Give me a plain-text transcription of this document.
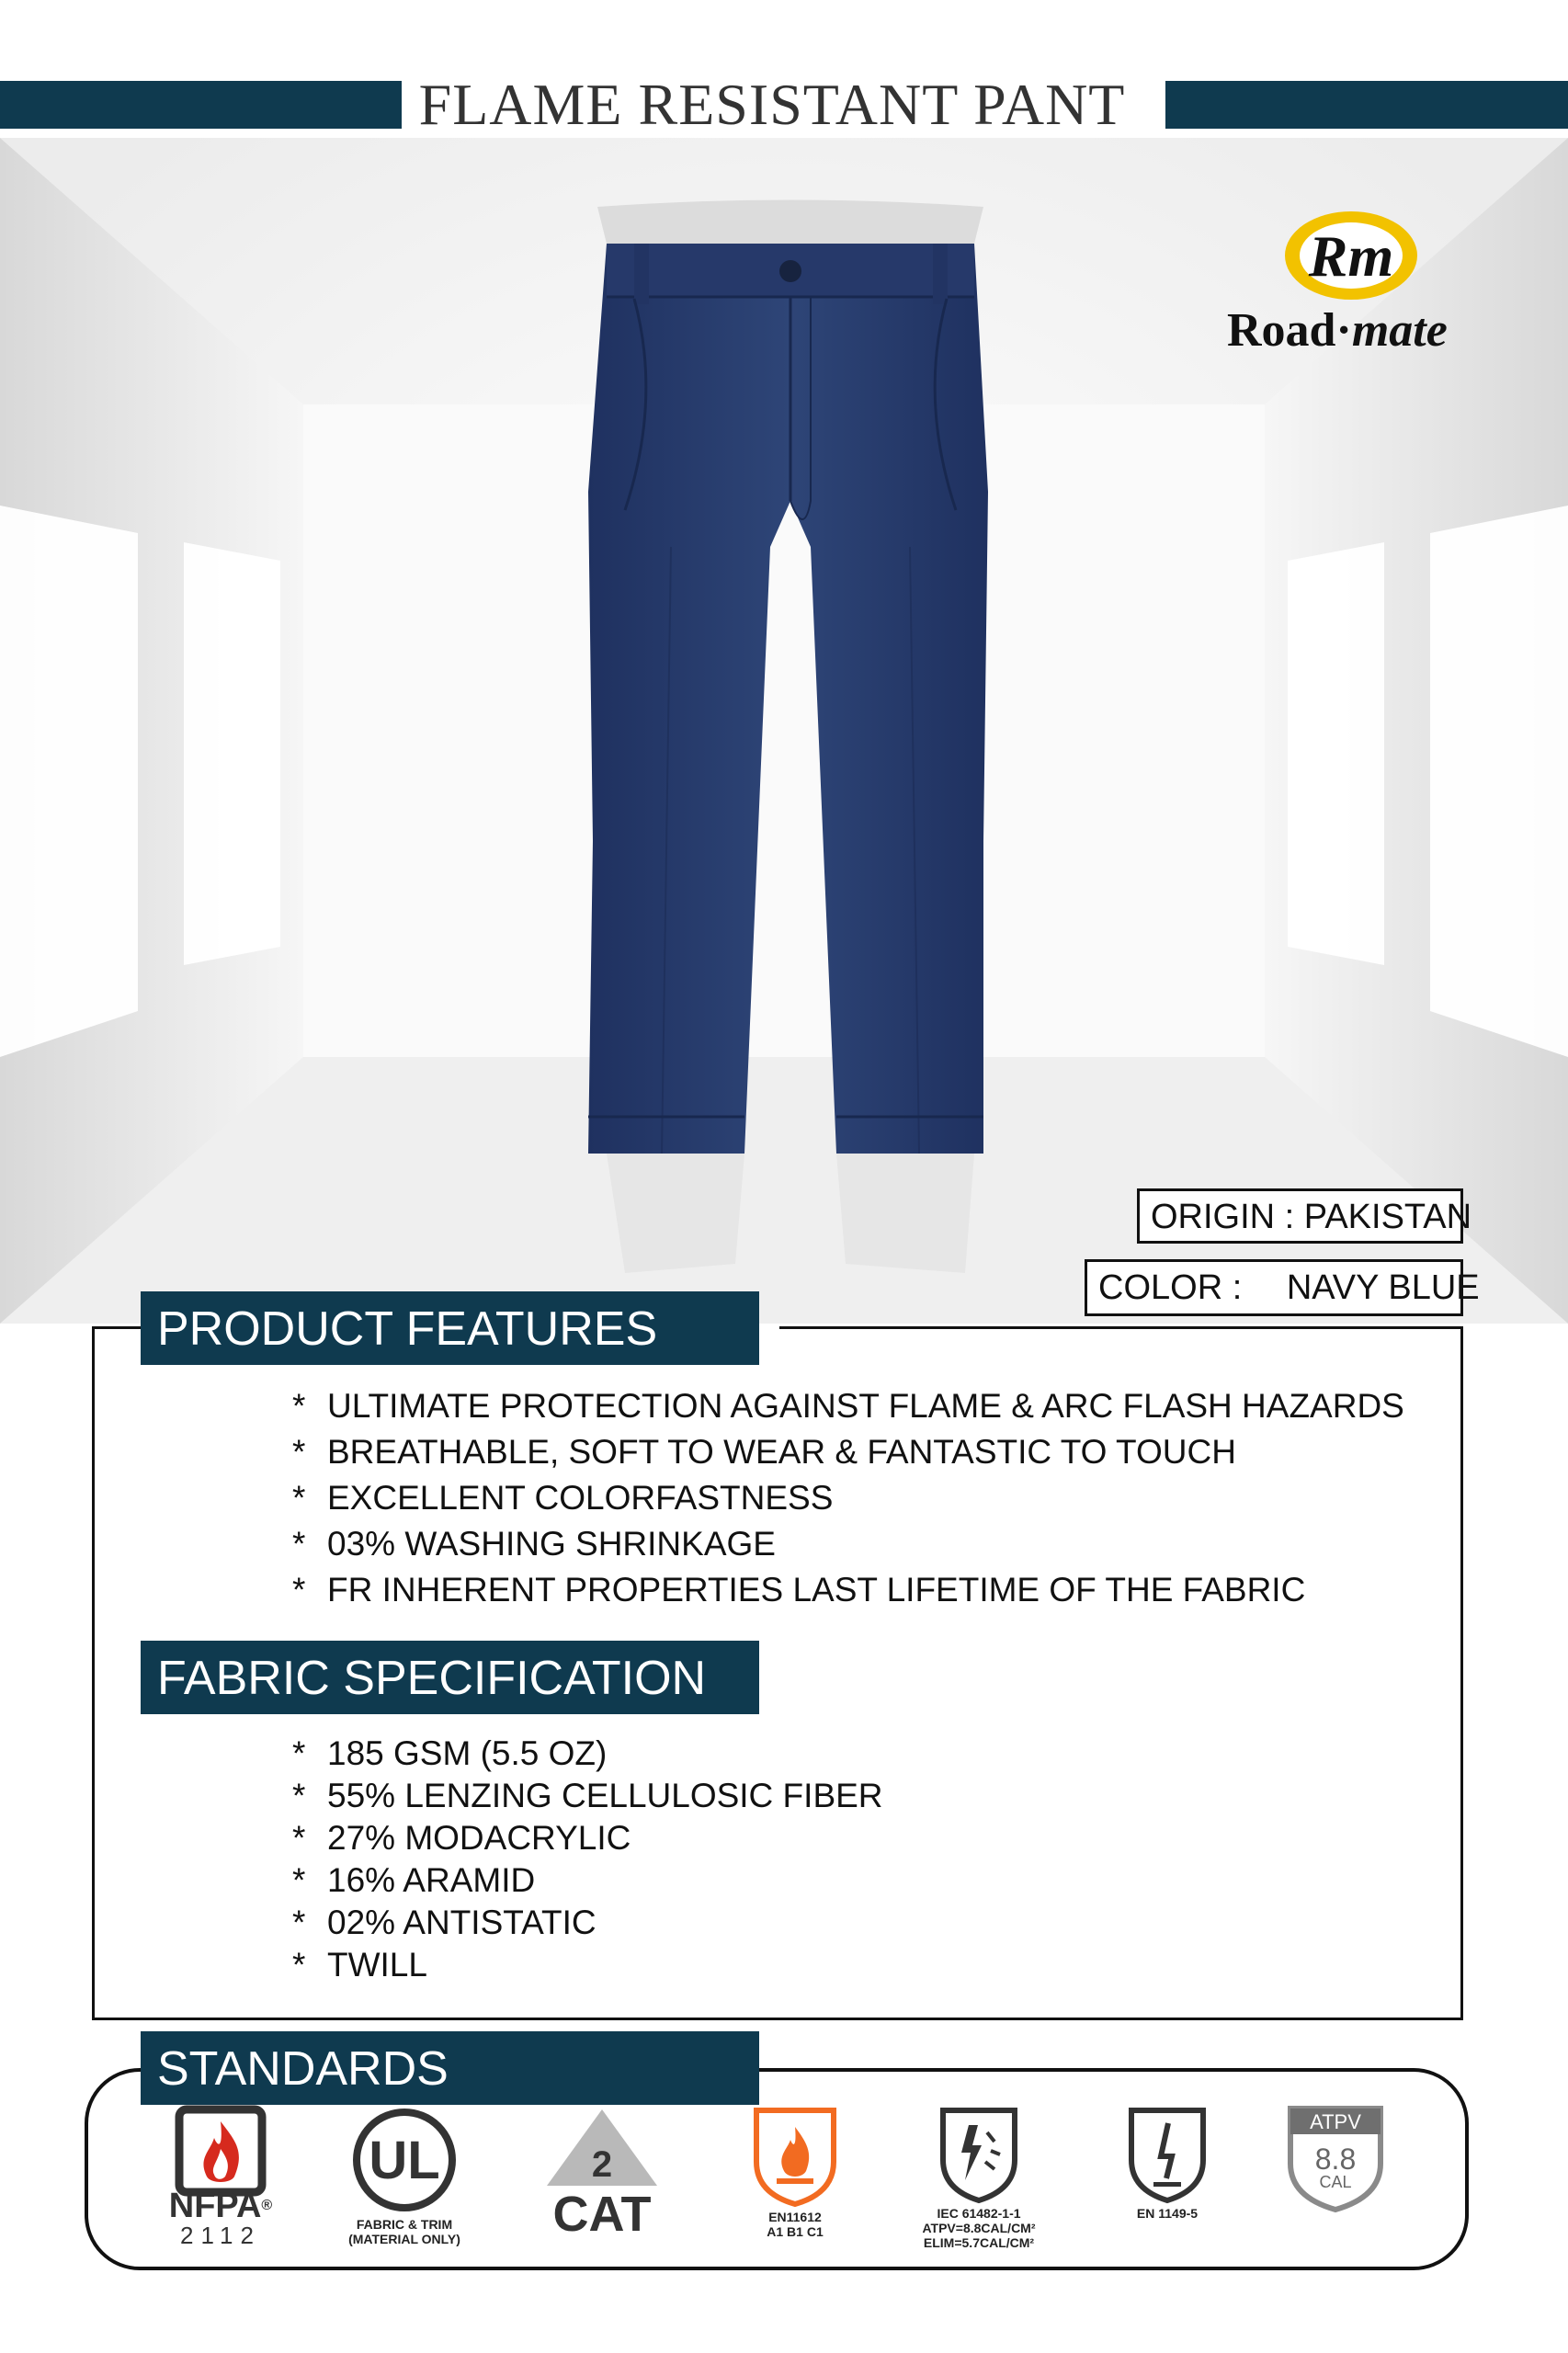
FLAME RESISTANT PANT
Rm
Road·mate
ORIGIN : PAKISTAN
COLOR : NAVY BLUE
PRODUCT FEATURES
* ULTIMATE PROTECTION AGAINST FLAME & ARC FLASH HAZARDS
* BREATHABLE, SOFT TO WEAR & FANTASTIC TO TOUCH
* EXCELLENT COLORFASTNESS
* 03% WASHING SHRINKAGE
* FR INHERENT PROPERTIES LAST LIFETIME OF THE FABRIC
FABRIC SPECIFICATION
* 185 GSM (5.5 OZ)
* 55% LENZING CELLULOSIC FIBER
* 27% MODACRYLIC
* 16% ARAMID
* 02% ANTISTATIC
* TWILL
STANDARDS
NFPA®
2112
UL
FABRIC & TRIM
(MATERIAL ONLY)
2
CAT	EN11612
A1 B1 C1
IEC 61482-1-1
ATPV=8.8CAL/CM²
ELIM=5.7CAL/CM²
EN 1149-5
ATPV
8.8
CAL
